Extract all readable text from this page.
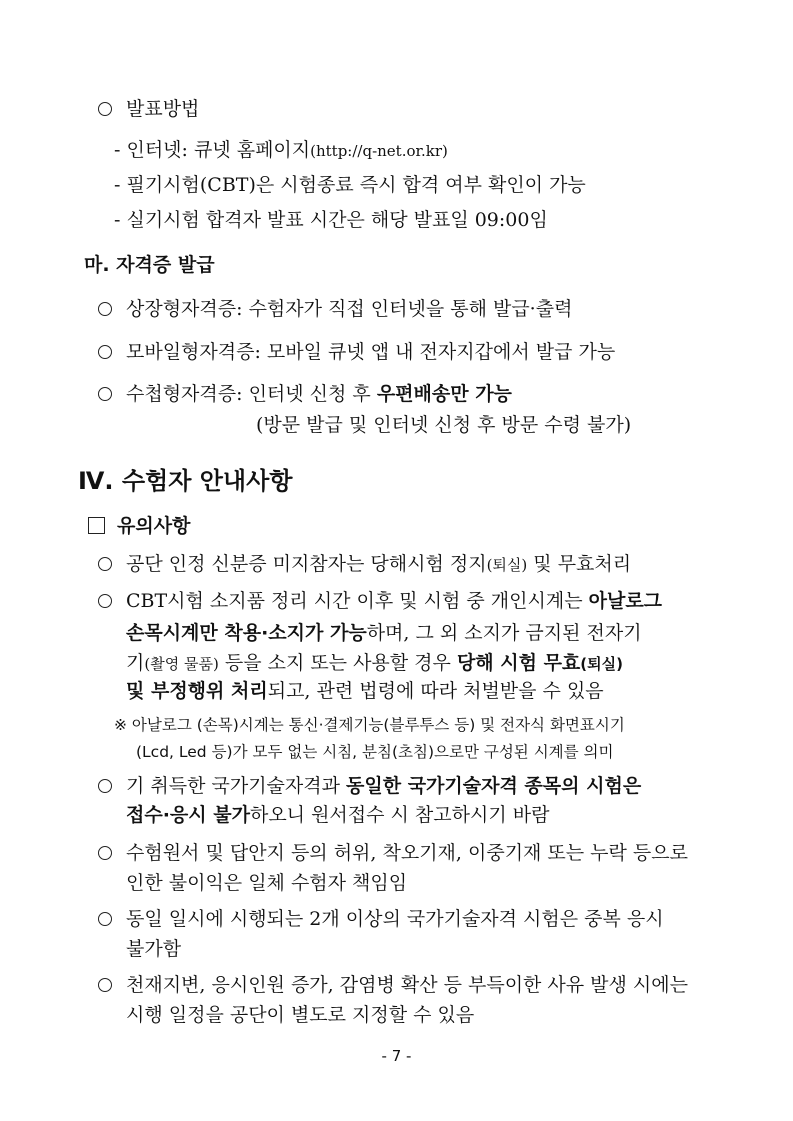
발표방법
- 인터넷: 큐넷 홈페이지(http://q-net.or.kr)
- 필기시험(CBT)은 시험종료 즉시 합격 여부 확인이 가능
- 실기시험 합격자 발표 시간은 해당 발표일 09:00임
마. 자격증 발급
상장형자격증: 수험자가 직접 인터넷을 통해 발급·출력
모바일형자격증: 모바일 큐넷 앱 내 전자지갑에서 발급 가능
수첩형자격증: 인터넷 신청 후 우편배송만 가능
(방문 발급 및 인터넷 신청 후 방문 수령 불가)
Ⅳ. 수험자 안내사항
유의사항
공단 인정 신분증 미지참자는 당해시험 정지(퇴실) 및 무효처리
CBT시험 소지품 정리 시간 이후 및 시험 중 개인시계는 아날로그
손목시계만 착용·소지가 가능하며, 그 외 소지가 금지된 전자기
기(촬영 물품) 등을 소지 또는 사용할 경우 당해 시험 무효(퇴실)
및 부정행위 처리되고, 관련 법령에 따라 처벌받을 수 있음
※ 아날로그 (손목)시계는 통신·결제기능(블루투스 등) 및 전자식 화면표시기
(Lcd, Led 등)가 모두 없는 시침, 분침(초침)으로만 구성된 시계를 의미
기 취득한 국가기술자격과 동일한 국가기술자격 종목의 시험은
접수·응시 불가하오니 원서접수 시 참고하시기 바람
수험원서 및 답안지 등의 허위, 착오기재, 이중기재 또는 누락 등으로
인한 불이익은 일체 수험자 책임임
동일 일시에 시행되는 2개 이상의 국가기술자격 시험은 중복 응시
불가함
천재지변, 응시인원 증가, 감염병 확산 등 부득이한 사유 발생 시에는
시행 일정을 공단이 별도로 지정할 수 있음
- 7 -
